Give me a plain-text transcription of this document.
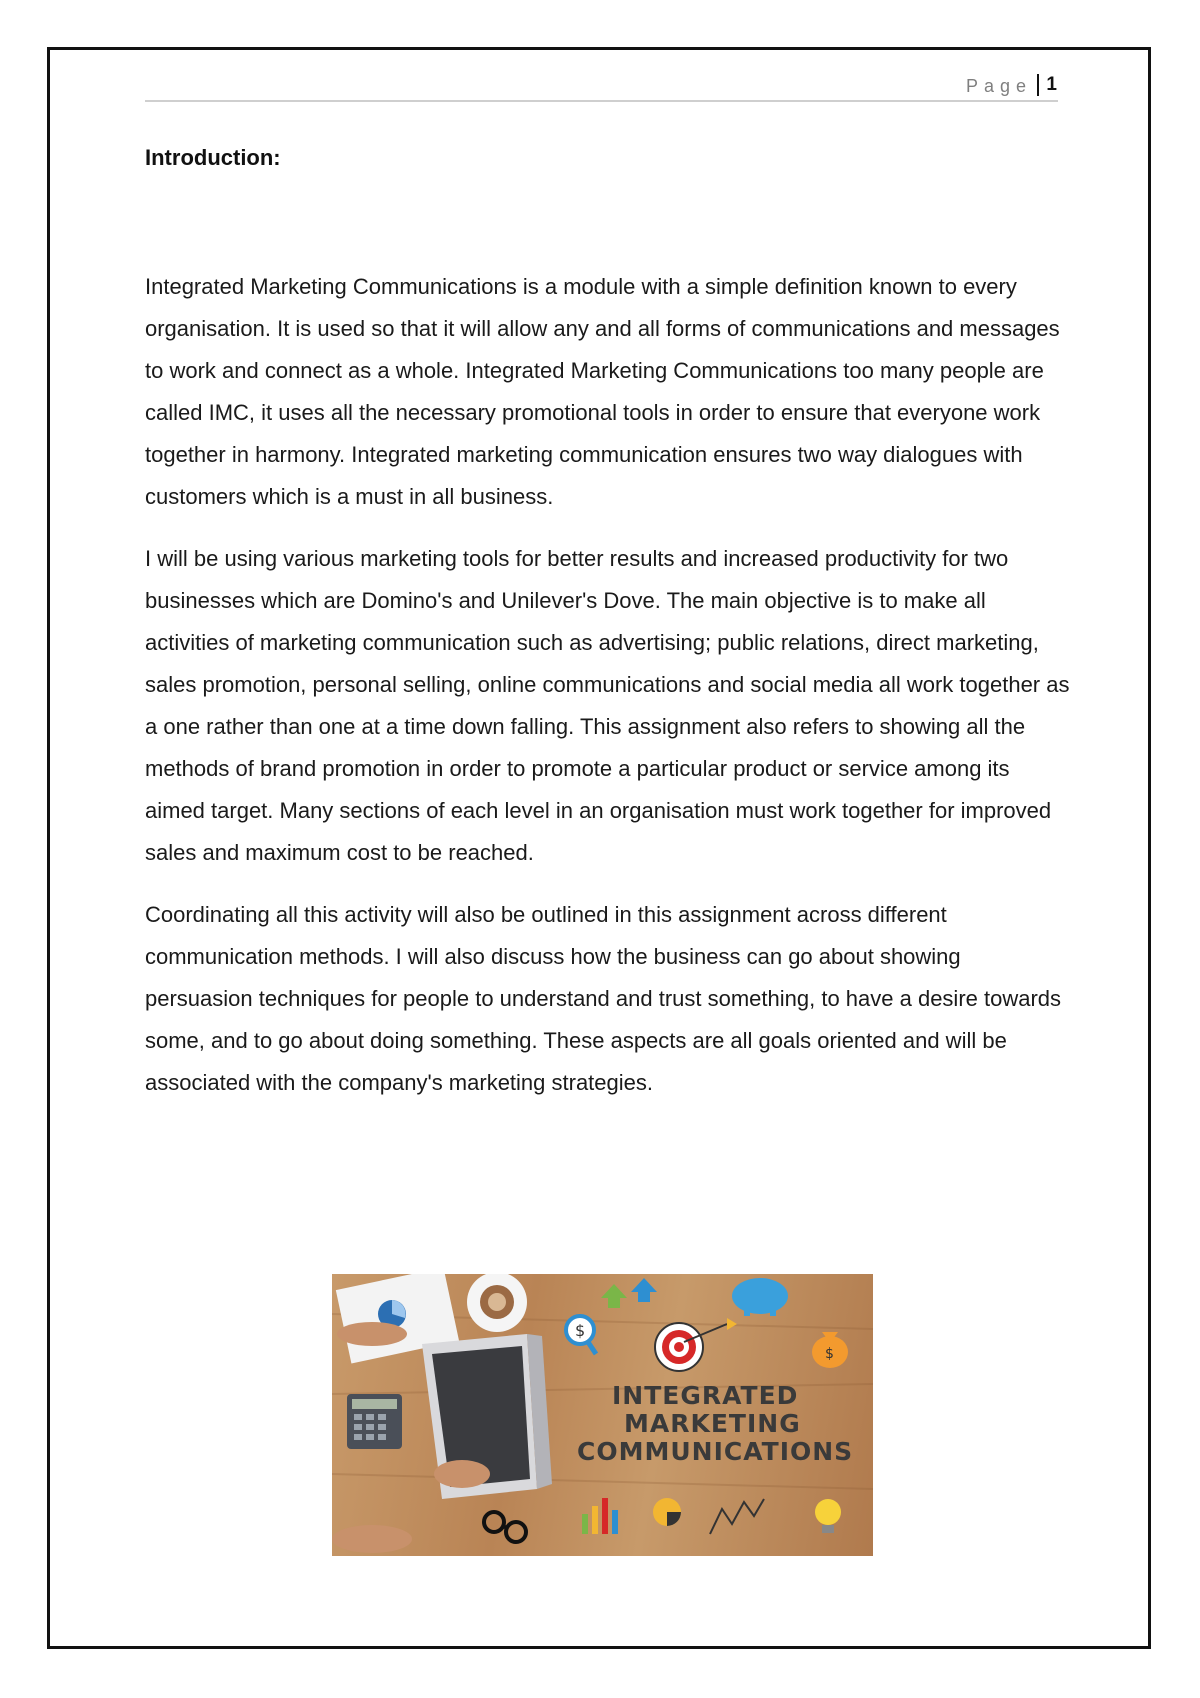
Page 1
Introduction:

Integrated Marketing Communications is a module with a simple definition known to every organisation. It is used so that it will allow any and all forms of communications and messages to work and connect as a whole. Integrated Marketing Communications too many people are called IMC, it uses all the necessary promotional tools in order to ensure that everyone work together in harmony. Integrated marketing communication ensures two way dialogues with customers which is a must in all business.

I will be using various marketing tools for better results and increased productivity for two businesses which are Domino's and Unilever's Dove. The main objective is to make all activities of marketing communication such as advertising; public relations, direct marketing, sales promotion, personal selling, online communications and social media all work together as a one rather than one at a time down falling. This assignment also refers to showing all the methods of brand promotion in order to promote a particular product or service among its aimed target. Many sections of each level in an organisation must work together for improved sales and maximum cost to be reached.

Coordinating all this activity will also be outlined in this assignment across different communication methods. I will also discuss how the business can go about showing persuasion techniques for people to understand and trust something, to have a desire towards some, and to go about doing something. These aspects are all goals oriented and will be associated with the company's marketing strategies.

$
$
INTEGRATED
MARKETING
COMMUNICATIONS
